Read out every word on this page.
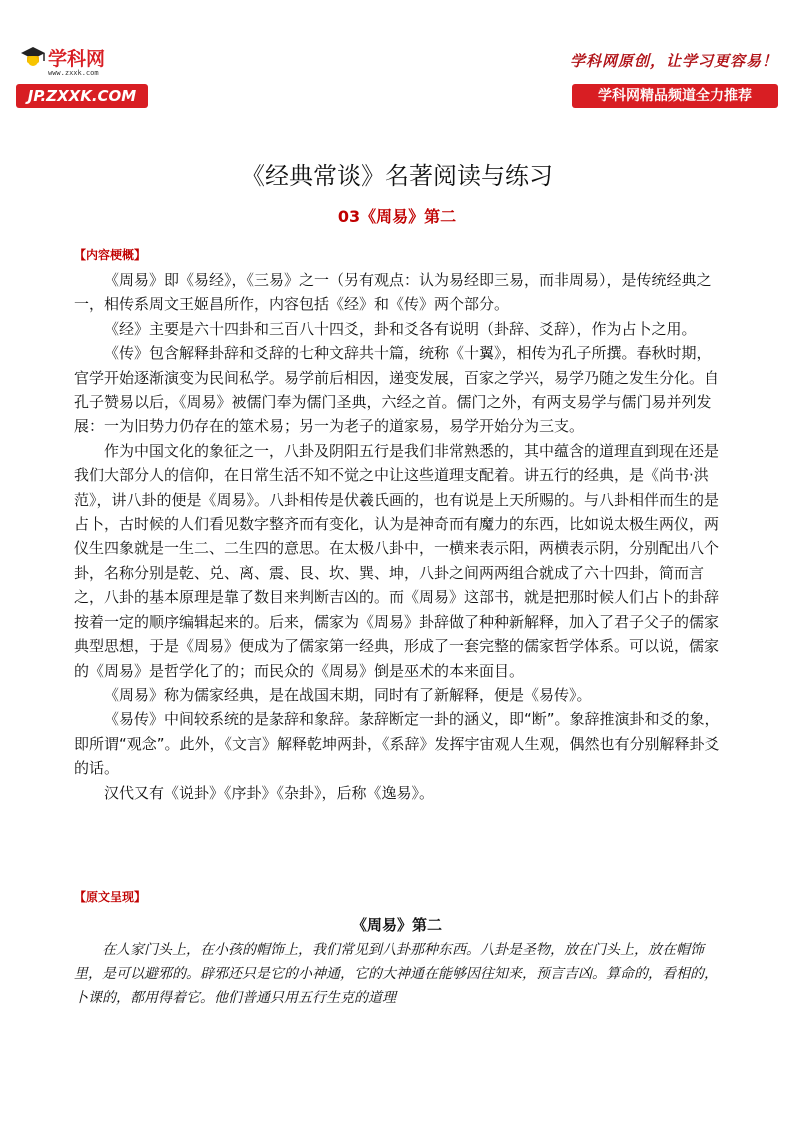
学科网
www.zxxk.com
JP.ZXXK.COM
学科网原创，让学习更容易！
学科网精品频道全力推荐
《经典常谈》名著阅读与练习
03《周易》第二
【内容梗概】

《周易》即《易经》，《三易》之一（另有观点：认为易经即三易，而非周易），是传统经典之一，相传系周文王姬昌所作，内容包括《经》和《传》两个部分。

《经》主要是六十四卦和三百八十四爻，卦和爻各有说明（卦辞、爻辞），作为占卜之用。

《传》包含解释卦辞和爻辞的七种文辞共十篇，统称《十翼》，相传为孔子所撰。春秋时期，官学开始逐渐演变为民间私学。易学前后相因，递变发展，百家之学兴，易学乃随之发生分化。自孔子赞易以后，《周易》被儒门奉为儒门圣典，六经之首。儒门之外，有两支易学与儒门易并列发展：一为旧势力仍存在的筮术易；另一为老子的道家易，易学开始分为三支。

作为中国文化的象征之一，八卦及阴阳五行是我们非常熟悉的，其中蕴含的道理直到现在还是我们大部分人的信仰，在日常生活不知不觉之中让这些道理支配着。讲五行的经典，是《尚书·洪范》，讲八卦的便是《周易》。八卦相传是伏羲氏画的，也有说是上天所赐的。与八卦相伴而生的是占卜，古时候的人们看见数字整齐而有变化，认为是神奇而有魔力的东西，比如说太极生两仪，两仪生四象就是一生二、二生四的意思。在太极八卦中，一横来表示阳，两横表示阴，分别配出八个卦，名称分别是乾、兑、离、震、艮、坎、巽、坤，八卦之间两两组合就成了六十四卦，简而言之，八卦的基本原理是靠了数目来判断吉凶的。而《周易》这部书，就是把那时候人们占卜的卦辞按着一定的顺序编辑起来的。后来，儒家为《周易》卦辞做了种种新解释，加入了君子父子的儒家典型思想，于是《周易》便成为了儒家第一经典，形成了一套完整的儒家哲学体系。可以说，儒家的《周易》是哲学化了的；而民众的《周易》倒是巫术的本来面目。

《周易》称为儒家经典，是在战国末期，同时有了新解释，便是《易传》。

《易传》中间较系统的是彖辞和象辞。彖辞断定一卦的涵义，即“断”。象辞推演卦和爻的象，即所谓“观念”。此外，《文言》解释乾坤两卦，《系辞》发挥宇宙观人生观，偶然也有分别解释卦爻的话。

汉代又有《说卦》《序卦》《杂卦》，后称《逸易》。

【原文呈现】
《周易》第二

在人家门头上，在小孩的帽饰上，我们常见到八卦那种东西。八卦是圣物，放在门头上，放在帽饰里，是可以避邪的。辟邪还只是它的小神通，它的大神通在能够因往知来，预言吉凶。算命的，看相的，卜课的，都用得着它。他们普通只用五行生克的道理
